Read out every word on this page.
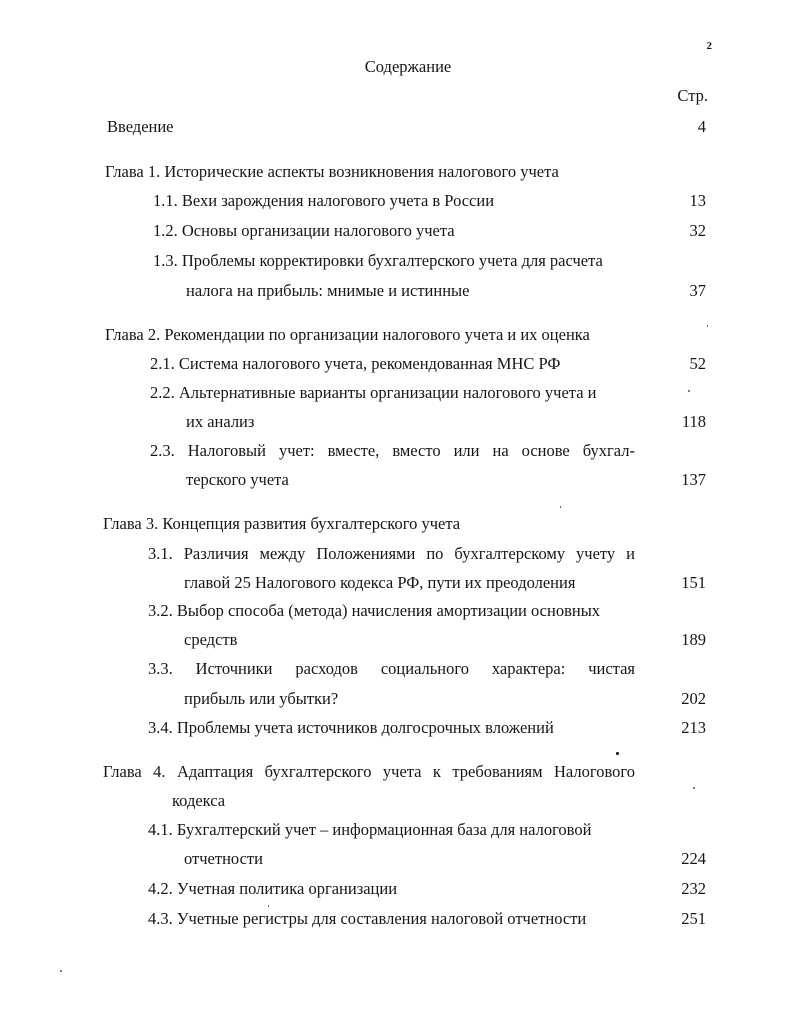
2
Содержание
Стр.
Введение	4
Глава 1. Исторические аспекты возникновения налогового учета
1.1. Вехи зарождения налогового учета в России	13
1.2. Основы организации налогового учета	32
1.3. Проблемы корректировки бухгалтерского учета для расчета
налога на прибыль: мнимые и истинные	37
Глава 2. Рекомендации по организации налогового учета и их оценка
2.1. Система налогового учета, рекомендованная МНС РФ	52
2.2. Альтернативные варианты организации налогового учета и
их анализ	118
2.3. Налоговый учет: вместе, вместо или на основе бухгал-
терского учета	137
Глава 3. Концепция развития бухгалтерского учета
3.1. Различия между Положениями по бухгалтерскому учету и
главой 25 Налогового кодекса РФ, пути их преодоления	151
3.2. Выбор способа (метода) начисления амортизации основных
средств	189
3.3. Источники расходов социального характера: чистая
прибыль или убытки?	202
3.4. Проблемы учета источников долгосрочных вложений	213
Глава 4. Адаптация бухгалтерского учета к требованиям Налогового
кодекса
4.1. Бухгалтерский учет – информационная база для налоговой
отчетности	224
4.2. Учетная политика организации	232
4.3. Учетные регистры для составления налоговой отчетности	251
